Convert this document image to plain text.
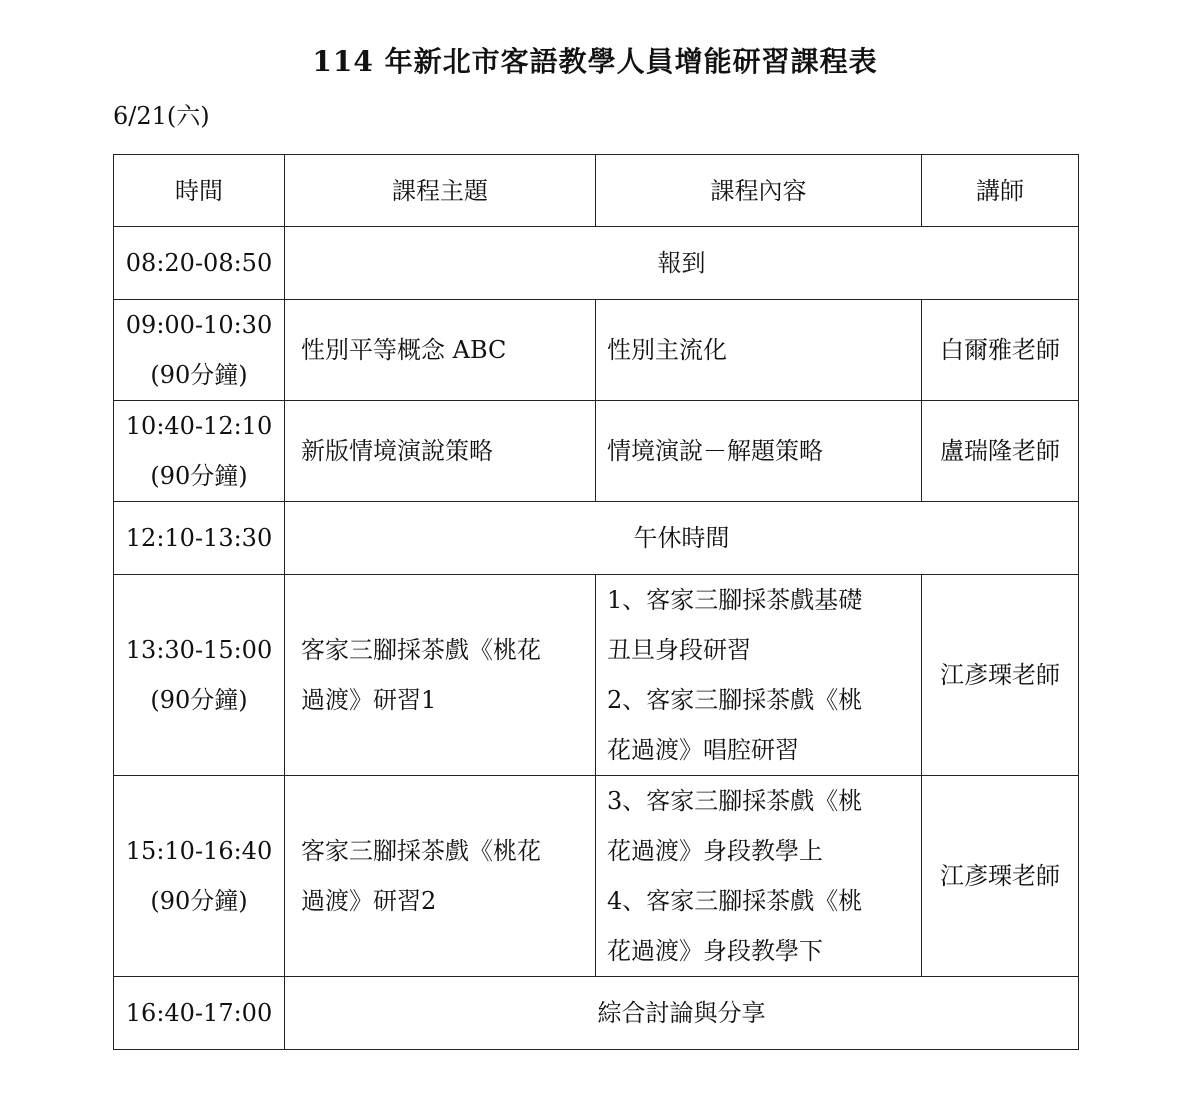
114 年新北市客語教學人員增能研習課程表
6/21(六)
時間	課程主題	課程內容	講師
08:20-08:50	報到		

09:00-10:30
(90分鐘)	性別平等概念 ABC	性別主流化	白爾雅老師

10:40-12:10
(90分鐘)	新版情境演說策略	情境演說－解題策略	盧瑞隆老師
12:10-13:30	午休時間		

13:30-15:00
(90分鐘)	客家三腳採茶戲《桃花
過渡》研習1	1、客家三腳採茶戲基礎
丑旦身段研習
2、客家三腳採茶戲《桃
花過渡》唱腔研習	江彥瑮老師

15:10-16:40
(90分鐘)	客家三腳採茶戲《桃花
過渡》研習2	3、客家三腳採茶戲《桃
花過渡》身段教學上
4、客家三腳採茶戲《桃
花過渡》身段教學下	江彥瑮老師
16:40-17:00	綜合討論與分享		
